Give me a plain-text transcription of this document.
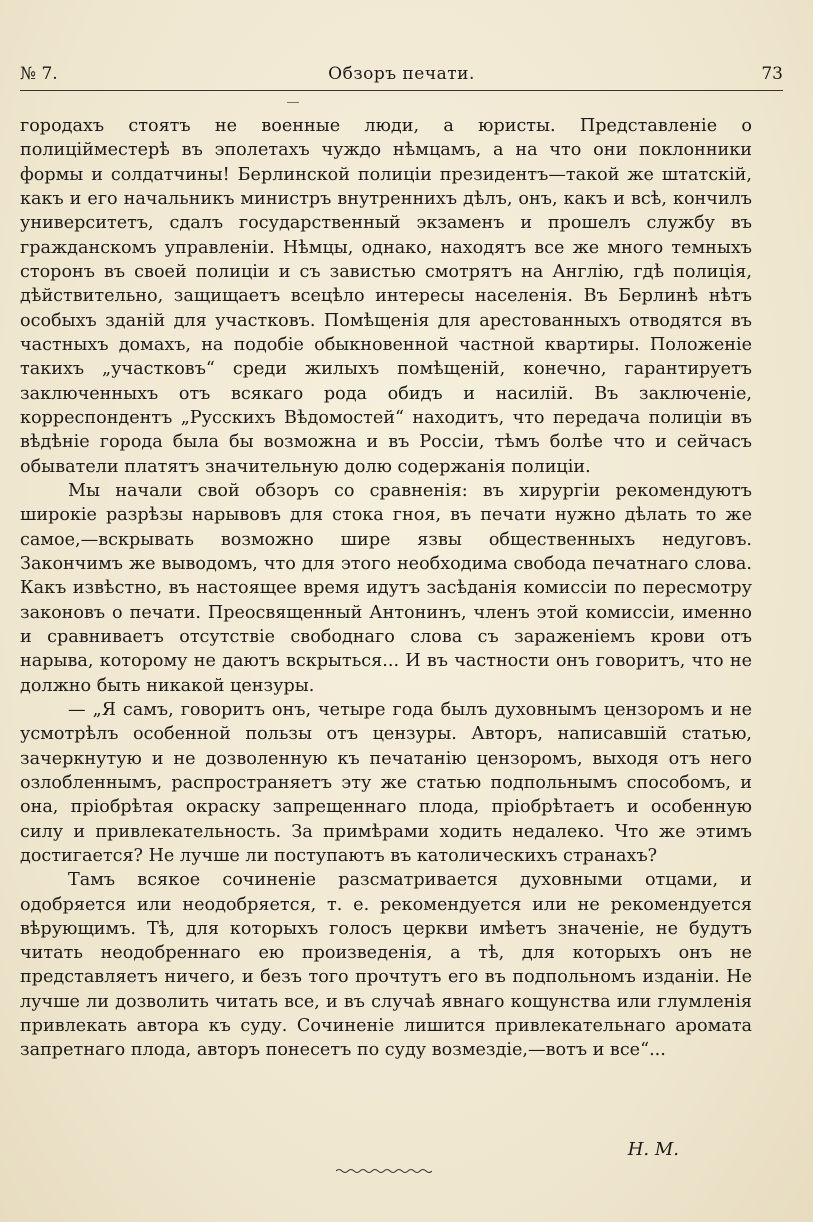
№ 7.	Обзоръ печати.	73

городахъ стоятъ не военные люди, а юристы. Представленіе о полиційместерѣ въ эполетахъ чуждо нѣмцамъ, а на что они поклонники формы и солдатчины! Берлинской полиціи президентъ—такой же штатскій, какъ и его начальникъ министръ внутреннихъ дѣлъ, онъ, какъ и всѣ, кончилъ университетъ, сдалъ государственный экзаменъ и прошелъ службу въ гражданскомъ управленіи. Нѣмцы, однако, находятъ все же много темныхъ сторонъ въ своей полиціи и съ завистью смотрятъ на Англію, гдѣ полиція, дѣйствительно, защищаетъ всецѣло интересы населенія. Въ Берлинѣ нѣтъ особыхъ зданій для участковъ. Помѣщенія для арестованныхъ отводятся въ частныхъ домахъ, на подобіе обыкновенной частной квартиры. Положеніе такихъ „участковъ“ среди жилыхъ помѣщеній, конечно, гарантируетъ заключенныхъ отъ всякаго рода обидъ и насилій. Въ заключеніе, корреспондентъ „Русскихъ Вѣдомостей“ находитъ, что передача полиціи въ вѣдѣніе города была бы возможна и въ Россіи, тѣмъ болѣе что и сейчасъ обыватели платятъ значительную долю содержанія полиціи.

Мы начали свой обзоръ со сравненія: въ хирургіи рекомендуютъ широкіе разрѣзы нарывовъ для стока гноя, въ печати нужно дѣлать то же самое,—вскрывать возможно шире язвы общественныхъ недуговъ. Закончимъ же выводомъ, что для этого необходима свобода печатнаго слова. Какъ извѣстно, въ настоящее время идутъ засѣданія комиссіи по пересмотру законовъ о печати. Преосвященный Антонинъ, членъ этой комиссіи, именно и сравниваетъ отсутствіе свободнаго слова съ зараженіемъ крови отъ нарыва, которому не даютъ вскрыться... И въ частности онъ говоритъ, что не должно быть никакой цензуры.

— „Я самъ, говоритъ онъ, четыре года былъ духовнымъ цензоромъ и не усмотрѣлъ особенной пользы отъ цензуры. Авторъ, написавшій статью, зачеркнутую и не дозволенную къ печатанію цензоромъ, выходя отъ него озлобленнымъ, распространяетъ эту же статью подпольнымъ способомъ, и она, пріобрѣтая окраску запрещеннаго плода, пріобрѣтаетъ и особенную силу и привлекательность. За примѣрами ходить недалеко. Что же этимъ достигается? Не лучше ли поступаютъ въ католическихъ странахъ?

Тамъ всякое сочиненіе разсматривается духовными отцами, и одобряется или неодобряется, т. е. рекомендуется или не рекомендуется вѣрующимъ. Тѣ, для которыхъ голосъ церкви имѣетъ значеніе, не будутъ читать неодобреннаго ею произведенія, а тѣ, для которыхъ онъ не представляетъ ничего, и безъ того прочтутъ его въ подпольномъ изданіи. Не лучше ли дозволить читать все, и въ случаѣ явнаго кощунства или глумленія привлекать автора къ суду. Сочиненіе лишится привлекательнаго аромата запретнаго плода, авторъ понесетъ по суду возмездіе,—вотъ и все“...

Н. М.
